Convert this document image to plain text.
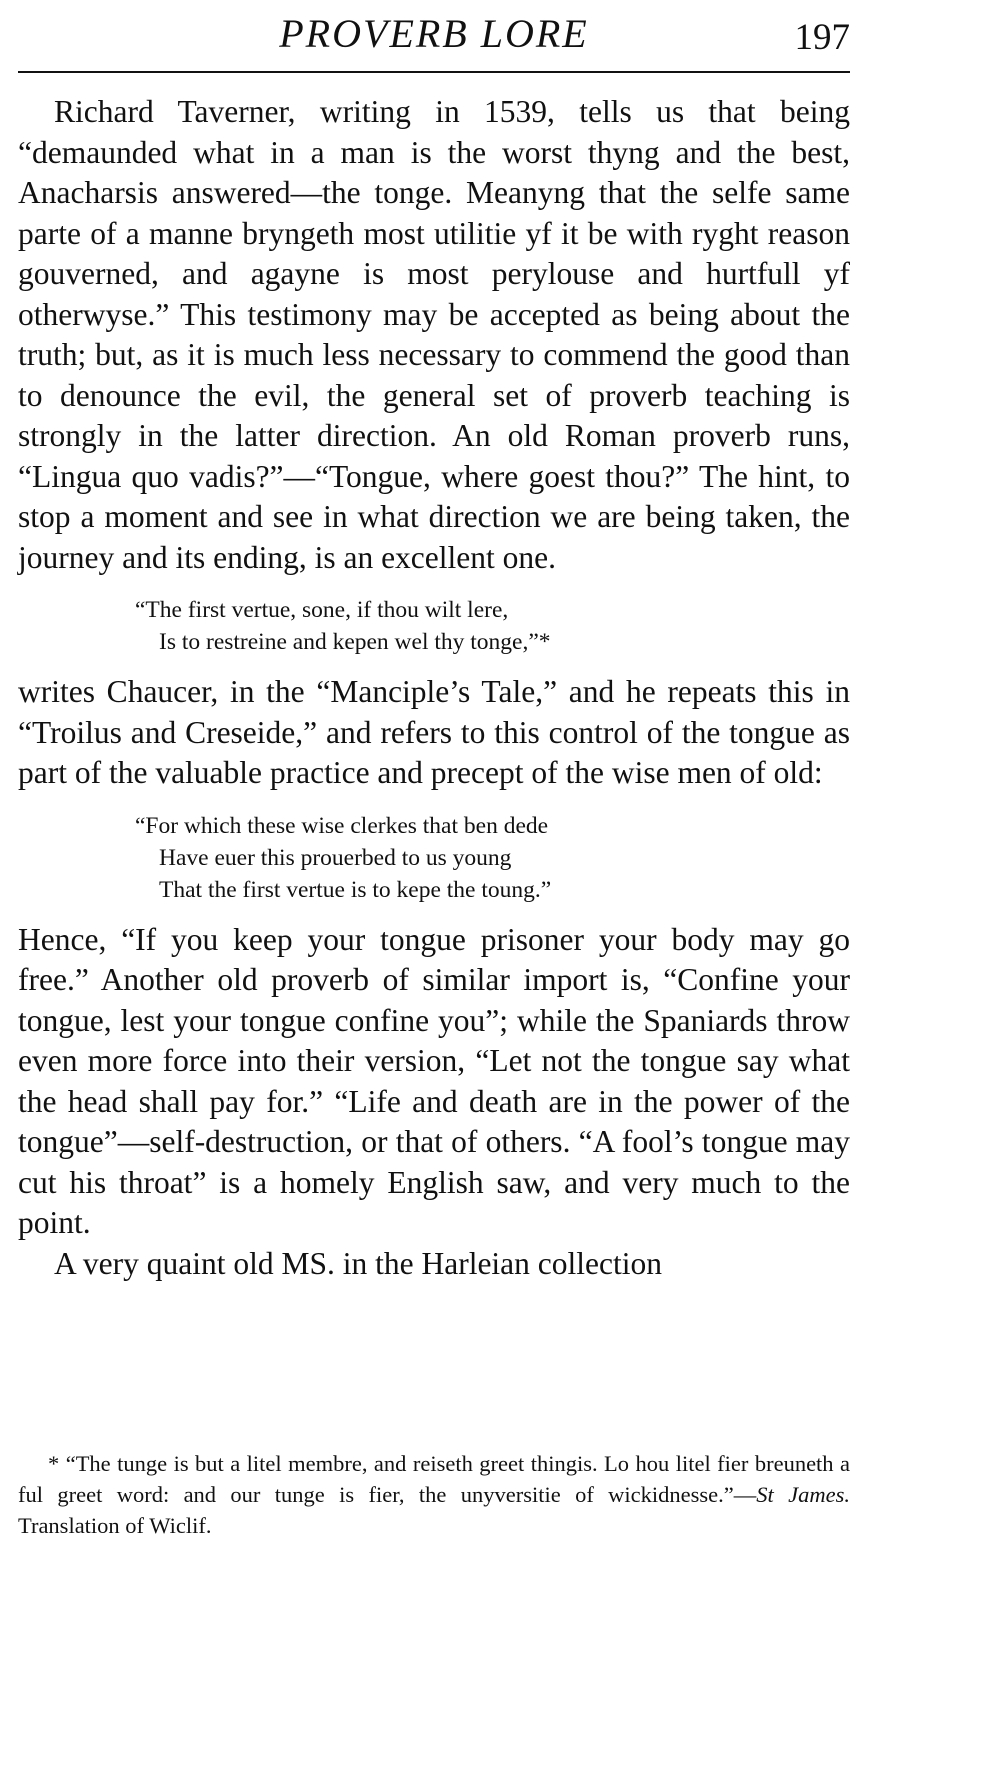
PROVERB LORE	197

Richard Taverner, writing in 1539, tells us that being “demaunded what in a man is the worst thyng and the best, Anacharsis answered—the tonge. Meanyng that the selfe same parte of a manne bryngeth most utilitie yf it be with ryght reason gouverned, and agayne is most perylouse and hurtfull yf otherwyse.” This testimony may be accepted as being about the truth; but, as it is much less necessary to commend the good than to denounce the evil, the general set of proverb teaching is strongly in the latter direction. An old Roman proverb runs, “Lingua quo vadis?”—“Tongue, where goest thou?” The hint, to stop a moment and see in what direction we are being taken, the journey and its ending, is an excellent one.

“The first vertue, sone, if thou wilt lere,
Is to restreine and kepen wel thy tonge,”*

writes Chaucer, in the “Manciple’s Tale,” and he repeats this in “Troilus and Creseide,” and refers to this control of the tongue as part of the valuable practice and precept of the wise men of old:

“For which these wise clerkes that ben dede
Have euer this prouerbed to us young
That the first vertue is to kepe the toung.”

Hence, “If you keep your tongue prisoner your body may go free.” Another old proverb of similar import is, “Confine your tongue, lest your tongue confine you”; while the Spaniards throw even more force into their version, “Let not the tongue say what the head shall pay for.” “Life and death are in the power of the tongue”—self-destruction, or that of others. “A fool’s tongue may cut his throat” is a homely English saw, and very much to the point.

A very quaint old MS. in the Harleian collection

* “The tunge is but a litel membre, and reiseth greet thingis. Lo hou litel fier breuneth a ful greet word: and our tunge is fier, the unyversitie of wickidnesse.”—St James. Translation of Wiclif.
